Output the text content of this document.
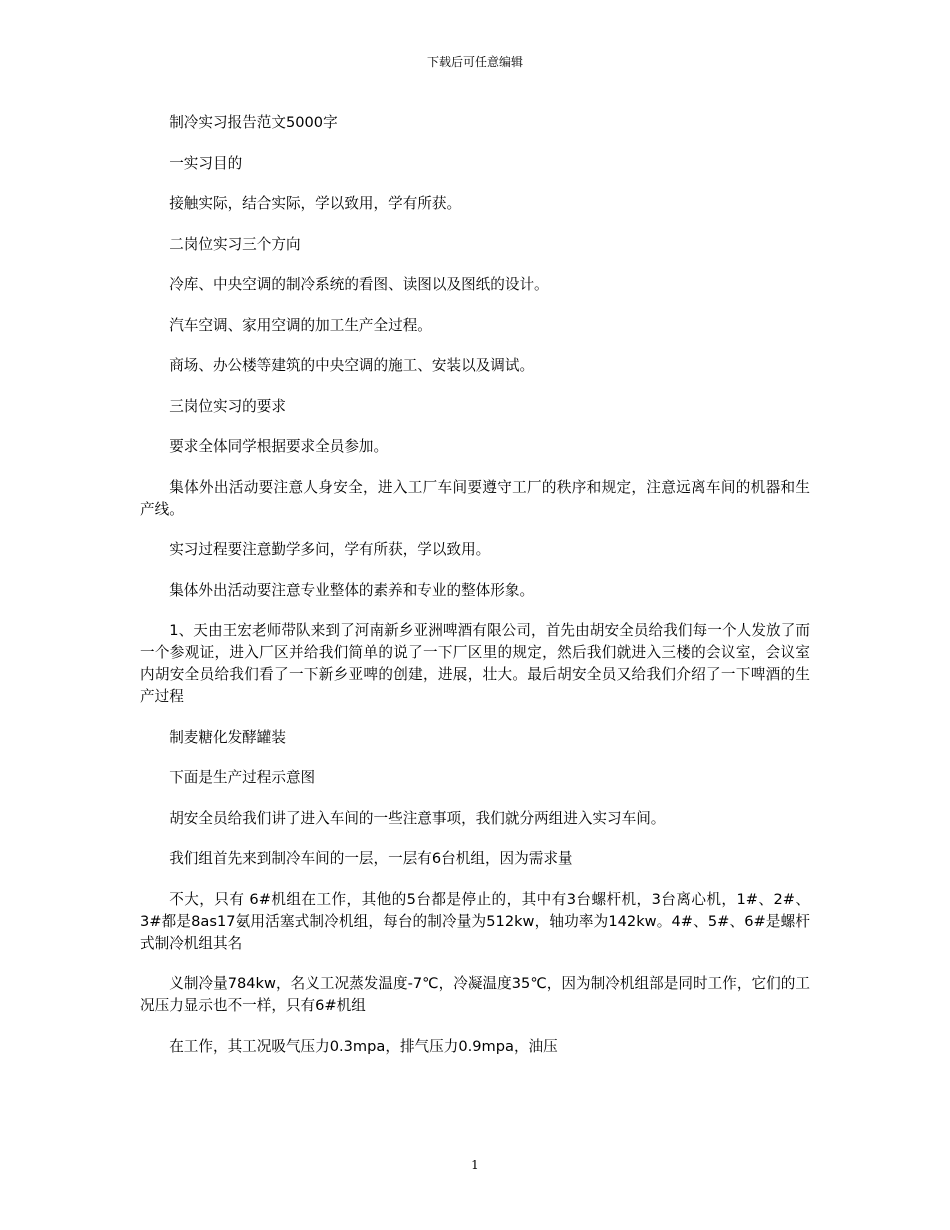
下载后可任意编辑

制冷实习报告范文5000字

一实习目的

接触实际，结合实际，学以致用，学有所获。

二岗位实习三个方向

冷库、中央空调的制冷系统的看图、读图以及图纸的设计。

汽车空调、家用空调的加工生产全过程。

商场、办公楼等建筑的中央空调的施工、安装以及调试。

三岗位实习的要求

要求全体同学根据要求全员参加。

集体外出活动要注意人身安全，进入工厂车间要遵守工厂的秩序和规定，注意远离车间的机器和生产线。

实习过程要注意勤学多问，学有所获，学以致用。

集体外出活动要注意专业整体的素养和专业的整体形象。

1、天由王宏老师带队来到了河南新乡亚洲啤酒有限公司，首先由胡安全员给我们每一个人发放了而一个参观证，进入厂区并给我们简单的说了一下厂区里的规定，然后我们就进入三楼的会议室，会议室内胡安全员给我们看了一下新乡亚啤的创建，进展，壮大。最后胡安全员又给我们介绍了一下啤酒的生产过程

制麦糖化发酵罐装

下面是生产过程示意图

胡安全员给我们讲了进入车间的一些注意事项，我们就分两组进入实习车间。

我们组首先来到制冷车间的一层，一层有6台机组，因为需求量

不大，只有 6#机组在工作，其他的5台都是停止的，其中有3台螺杆机，3台离心机，1#、2#、3#都是8as17氨用活塞式制冷机组，每台的制冷量为512kw，轴功率为142kw。4#、5#、6#是螺杆式制冷机组其名

义制冷量784kw，名义工况蒸发温度-7℃，冷凝温度35℃，因为制冷机组部是同时工作，它们的工况压力显示也不一样，只有6#机组

在工作，其工况吸气压力0.3mpa，排气压力0.9mpa，油压

1
